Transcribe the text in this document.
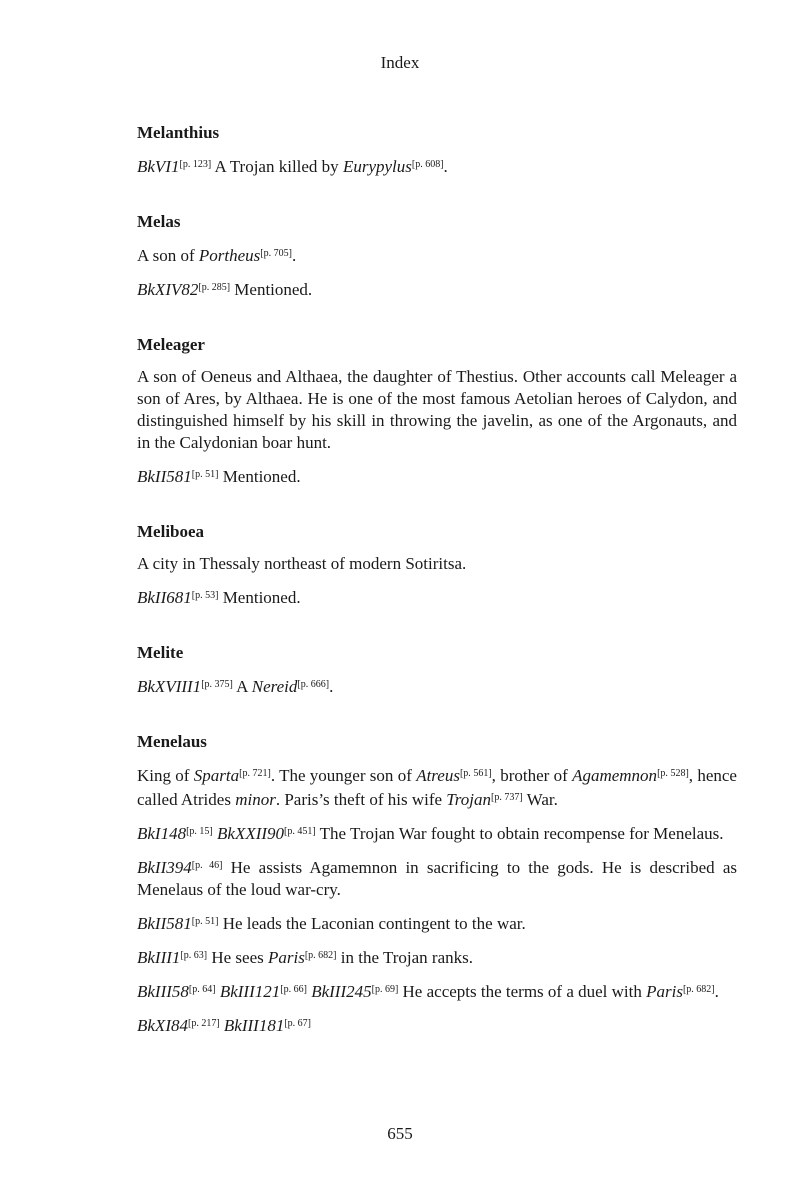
Index
Melanthius

BkVI1[p. 123] A Trojan killed by Eurypylus[p. 608].

Melas

A son of Portheus[p. 705].

BkXIV82[p. 285] Mentioned.

Meleager

A son of Oeneus and Althaea, the daughter of Thestius. Other accounts call Meleager a son of Ares, by Althaea. He is one of the most famous Aetolian heroes of Calydon, and distinguished himself by his skill in throwing the javelin, as one of the Argonauts, and in the Calydonian boar hunt.

BkII581[p. 51] Mentioned.

Meliboea

A city in Thessaly northeast of modern Sotiritsa.

BkII681[p. 53] Mentioned.

Melite

BkXVIII1[p. 375] A Nereid[p. 666].

Menelaus

King of Sparta[p. 721]. The younger son of Atreus[p. 561], brother of Agamemnon[p. 528], hence called Atrides minor. Paris’s theft of his wife Trojan[p. 737] War.

BkI148[p. 15] BkXXII90[p. 451] The Trojan War fought to obtain recompense for Menelaus.

BkII394[p. 46] He assists Agamemnon in sacrificing to the gods. He is described as Menelaus of the loud war-cry.

BkII581[p. 51] He leads the Laconian contingent to the war.

BkIII1[p. 63] He sees Paris[p. 682] in the Trojan ranks.

BkIII58[p. 64] BkIII121[p. 66] BkIII245[p. 69] He accepts the terms of a duel with Paris[p. 682].

BkXI84[p. 217] BkIII181[p. 67]

655
